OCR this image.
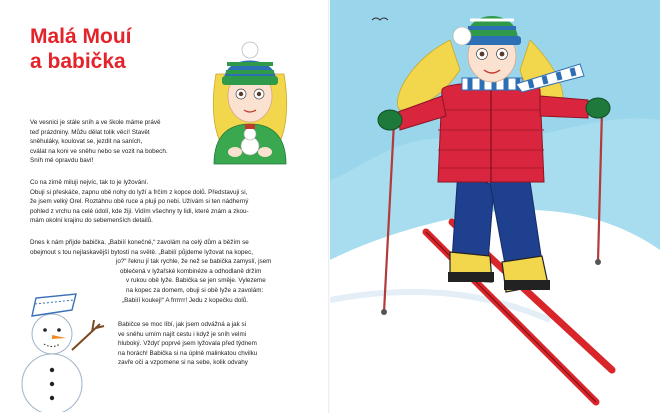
Malá Mouí
a babička

Ve vesnici je stále sníh a ve škole máme právě
teď prázdniny. Můžu dělat tolik věcí! Stavět
sněhuláky, koulovat se, jezdit na saních,
cválat na koni ve sněhu nebo se vozit na bobech.
Sníh mě opravdu baví!

Co na zimě miluji nejvíc, tak to je lyžování.
Obuji si přeskáče, zapnu obě nohy do lyží a frčím z kopce dolů. Představuji si,
že jsem velký Orel. Roztáhnu obě ruce a pluji po nebi. Užívám si ten nádherný
pohled z vrchu na celé údolí, kde žiji. Vidím všechny ty lidi, které znám a zkou-
mám okolní krajinu do sebemenších detailů.

Dnes k nám přijde babička. „Babiíí konečně,“ zavolám na celý dům a běžím se
obejmout s tou nejlaskavější bytostí na světě. „Babiíí půjdeme lyžovat na kopec,
jo?“ řeknu jí tak rychle, že než se babička zamyslí, jsem
oblečená v lyžařské kombinéze a odhodlaně držím
v rukou obě lyže. Babička se jen směje. Vylezeme
na kopec za domem, obuji si obě lyže a zavolám:
„Babiíí koukej!“ A frrrrrr! Jedu z kopečku dolů.

Babičce se moc líbí, jak jsem odvážná a jak si
ve sněhu umím najít cestu i když je sníh velmi
hluboký. Vždyť poprvé jsem lyžovala před týdnem
na horách! Babička si na úplně malinkatou chvilku
zavře oči a vzpomene si na sebe, kolik odvahy
